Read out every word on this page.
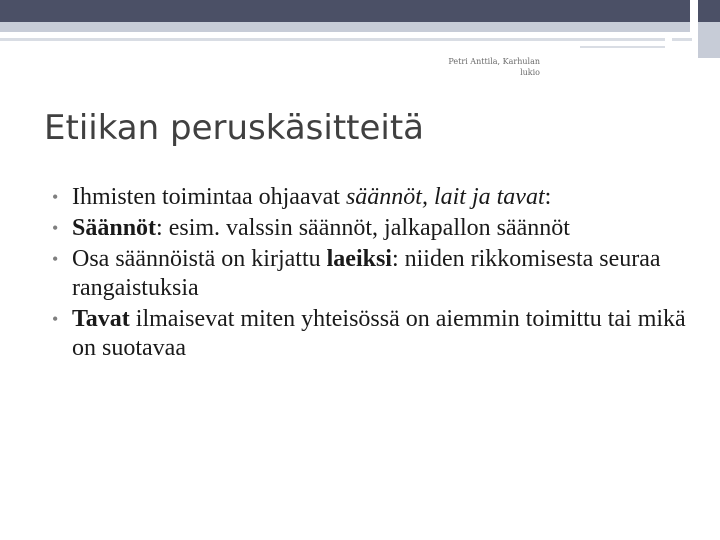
Petri Anttila, Karhulan
lukio
Etiikan peruskäsitteitä
• Ihmisten toimintaa ohjaavat säännöt, lait ja tavat:
• Säännöt: esim. valssin säännöt, jalkapallon säännöt
• Osa säännöistä on kirjattu laeiksi: niiden rikkomisesta seuraa rangaistuksia
• Tavat ilmaisevat miten yhteisössä on aiemmin toimittu tai mikä on suotavaa
